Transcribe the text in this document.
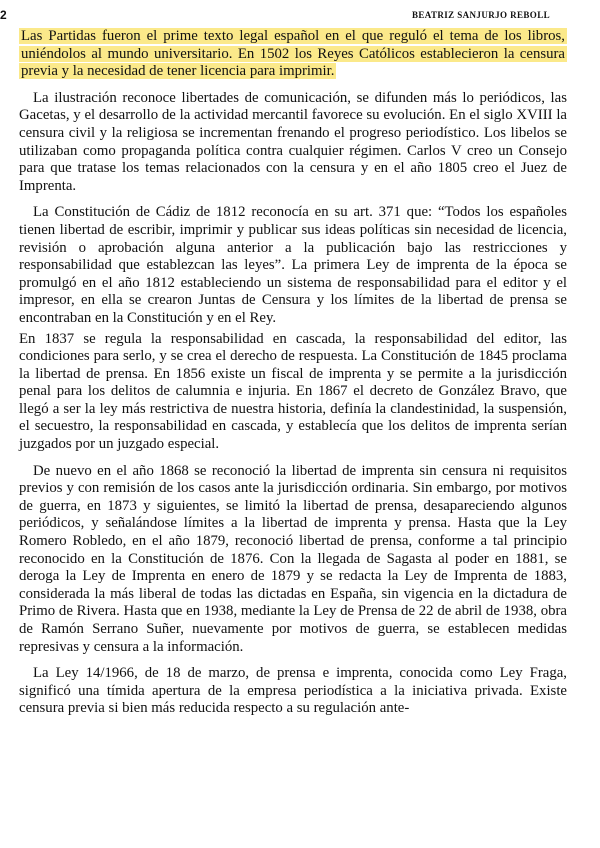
2	BEATRIZ SANJURJO REBOLL

Las Partidas fueron el prime texto legal español en el que reguló el tema de los libros, uniéndolos al mundo universitario. En 1502 los Reyes Católicos establecieron la censura previa y la necesidad de tener licencia para imprimir.

La ilustración reconoce libertades de comunicación, se difunden más lo periódicos, las Gacetas, y el desarrollo de la actividad mercantil favorece su evolución. En el siglo XVIII la censura civil y la religiosa se incrementan frenando el progreso periodístico. Los libelos se utilizaban como propaganda política contra cualquier régimen. Carlos V creo un Consejo para que tratase los temas relacionados con la censura y en el año 1805 creo el Juez de Imprenta.

La Constitución de Cádiz de 1812 reconocía en su art. 371 que: “Todos los españoles tienen libertad de escribir, imprimir y publicar sus ideas políticas sin necesidad de licencia, revisión o aprobación alguna anterior a la publicación bajo las restricciones y responsabilidad que establezcan las leyes”. La primera Ley de imprenta de la época se promulgó en el año 1812 estableciendo un sistema de responsabilidad para el editor y el impresor, en ella se crearon Juntas de Censura y los límites de la libertad de prensa se encontraban en la Constitución y en el Rey.

En 1837 se regula la responsabilidad en cascada, la responsabilidad del editor, las condiciones para serlo, y se crea el derecho de respuesta. La Constitución de 1845 proclama la libertad de prensa. En 1856 existe un fiscal de imprenta y se permite a la jurisdicción penal para los delitos de calumnia e injuria. En 1867 el decreto de González Bravo, que llegó a ser la ley más restrictiva de nuestra historia, definía la clandestinidad, la suspensión, el secuestro, la responsabilidad en cascada, y establecía que los delitos de imprenta serían juzgados por un juzgado especial.

De nuevo en el año 1868 se reconoció la libertad de imprenta sin censura ni requisitos previos y con remisión de los casos ante la jurisdicción ordinaria. Sin embargo, por motivos de guerra, en 1873 y siguientes, se limitó la libertad de prensa, desapareciendo algunos periódicos, y señalándose límites a la libertad de imprenta y prensa. Hasta que la Ley Romero Robledo, en el año 1879, reconoció libertad de prensa, conforme a tal principio reconocido en la Constitución de 1876. Con la llegada de Sagasta al poder en 1881, se deroga la Ley de Imprenta en enero de 1879 y se redacta la Ley de Imprenta de 1883, considerada la más liberal de todas las dictadas en España, sin vigencia en la dictadura de Primo de Rivera. Hasta que en 1938, mediante la Ley de Prensa de 22 de abril de 1938, obra de Ramón Serrano Suñer, nuevamente por motivos de guerra, se establecen medidas represivas y censura a la información.

La Ley 14/1966, de 18 de marzo, de prensa e imprenta, conocida como Ley Fraga, significó una tímida apertura de la empresa periodística a la iniciativa privada. Existe censura previa si bien más reducida respecto a su regulación ante-
